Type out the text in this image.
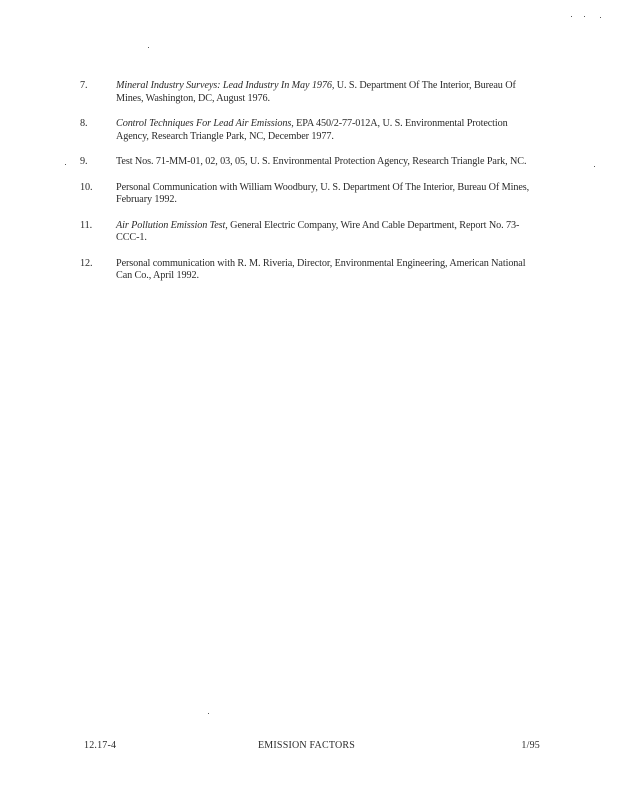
7.	Mineral Industry Surveys: Lead Industry In May 1976, U. S. Department Of The Interior, Bureau Of Mines, Washington, DC, August 1976.
8.	Control Techniques For Lead Air Emissions, EPA 450/2-77-012A, U. S. Environmental Protection Agency, Research Triangle Park, NC, December 1977.
9.	Test Nos. 71-MM-01, 02, 03, 05, U. S. Environmental Protection Agency, Research Triangle Park, NC.
10.	Personal Communication with William Woodbury, U. S. Department Of The Interior, Bureau Of Mines, February 1992.
11.	Air Pollution Emission Test, General Electric Company, Wire And Cable Department, Report No. 73-CCC-1.
12.	Personal communication with R. M. Riveria, Director, Environmental Engineering, American National Can Co., April 1992.
12.17-4	EMISSION FACTORS	1/95
